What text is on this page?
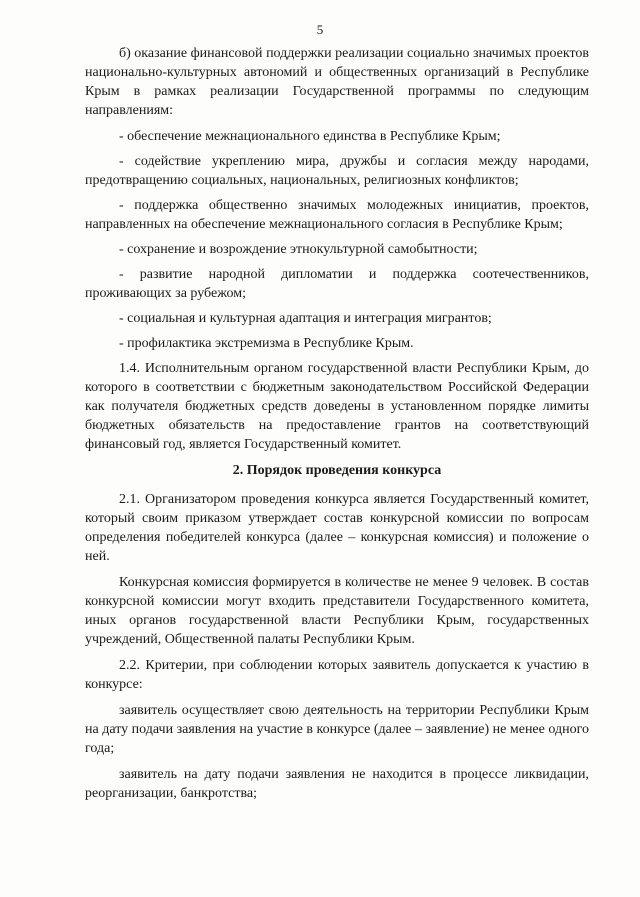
5

б) оказание финансовой поддержки реализации социально значимых проектов национально-культурных автономий и общественных организаций в Республике Крым в рамках реализации Государственной программы по следующим направлениям:

- обеспечение межнационального единства в Республике Крым;

- содействие укреплению мира, дружбы и согласия между народами, предотвращению социальных, национальных, религиозных конфликтов;

- поддержка общественно значимых молодежных инициатив, проектов, направленных на обеспечение межнационального согласия в Республике Крым;

- сохранение и возрождение этнокультурной самобытности;

- развитие народной дипломатии и поддержка соотечественников, проживающих за рубежом;

- социальная и культурная адаптация и интеграция мигрантов;

- профилактика экстремизма в Республике Крым.

1.4. Исполнительным органом государственной власти Республики Крым, до которого в соответствии с бюджетным законодательством Российской Федерации как получателя бюджетных средств доведены в установленном порядке лимиты бюджетных обязательств на предоставление грантов на соответствующий финансовый год, является Государственный комитет.

2. Порядок проведения конкурса

2.1. Организатором проведения конкурса является Государственный комитет, который своим приказом утверждает состав конкурсной комиссии по вопросам определения победителей конкурса (далее – конкурсная комиссия) и положение о ней.

Конкурсная комиссия формируется в количестве не менее 9 человек. В состав конкурсной комиссии могут входить представители Государственного комитета, иных органов государственной власти Республики Крым, государственных учреждений, Общественной палаты Республики Крым.

2.2. Критерии, при соблюдении которых заявитель допускается к участию в конкурсе:

заявитель осуществляет свою деятельность на территории Республики Крым на дату подачи заявления на участие в конкурсе (далее – заявление) не менее одного года;

заявитель на дату подачи заявления не находится в процессе ликвидации, реорганизации, банкротства;
